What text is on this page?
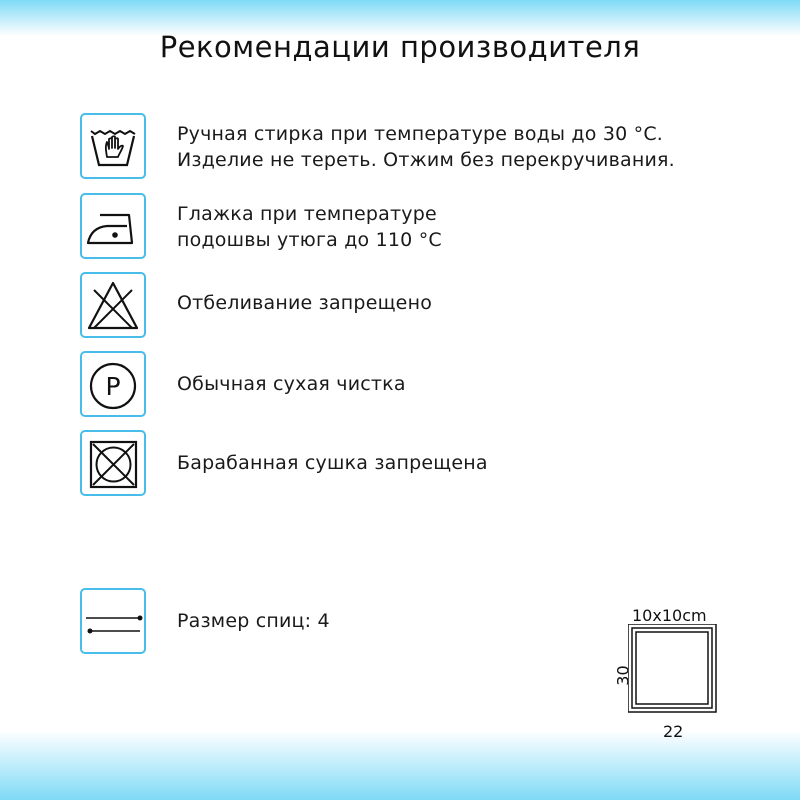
Рекомендации производителя
Ручная стирка при температуре воды до 30 °С.
Изделие не тереть. Отжим без перекручивания.
Глажка при температуре
подошвы утюга до 110 °С
Отбеливание запрещено
P	Обычная сухая чистка
Барабанная сушка запрещена
Размер спиц: 4	10x10cm
30
22
